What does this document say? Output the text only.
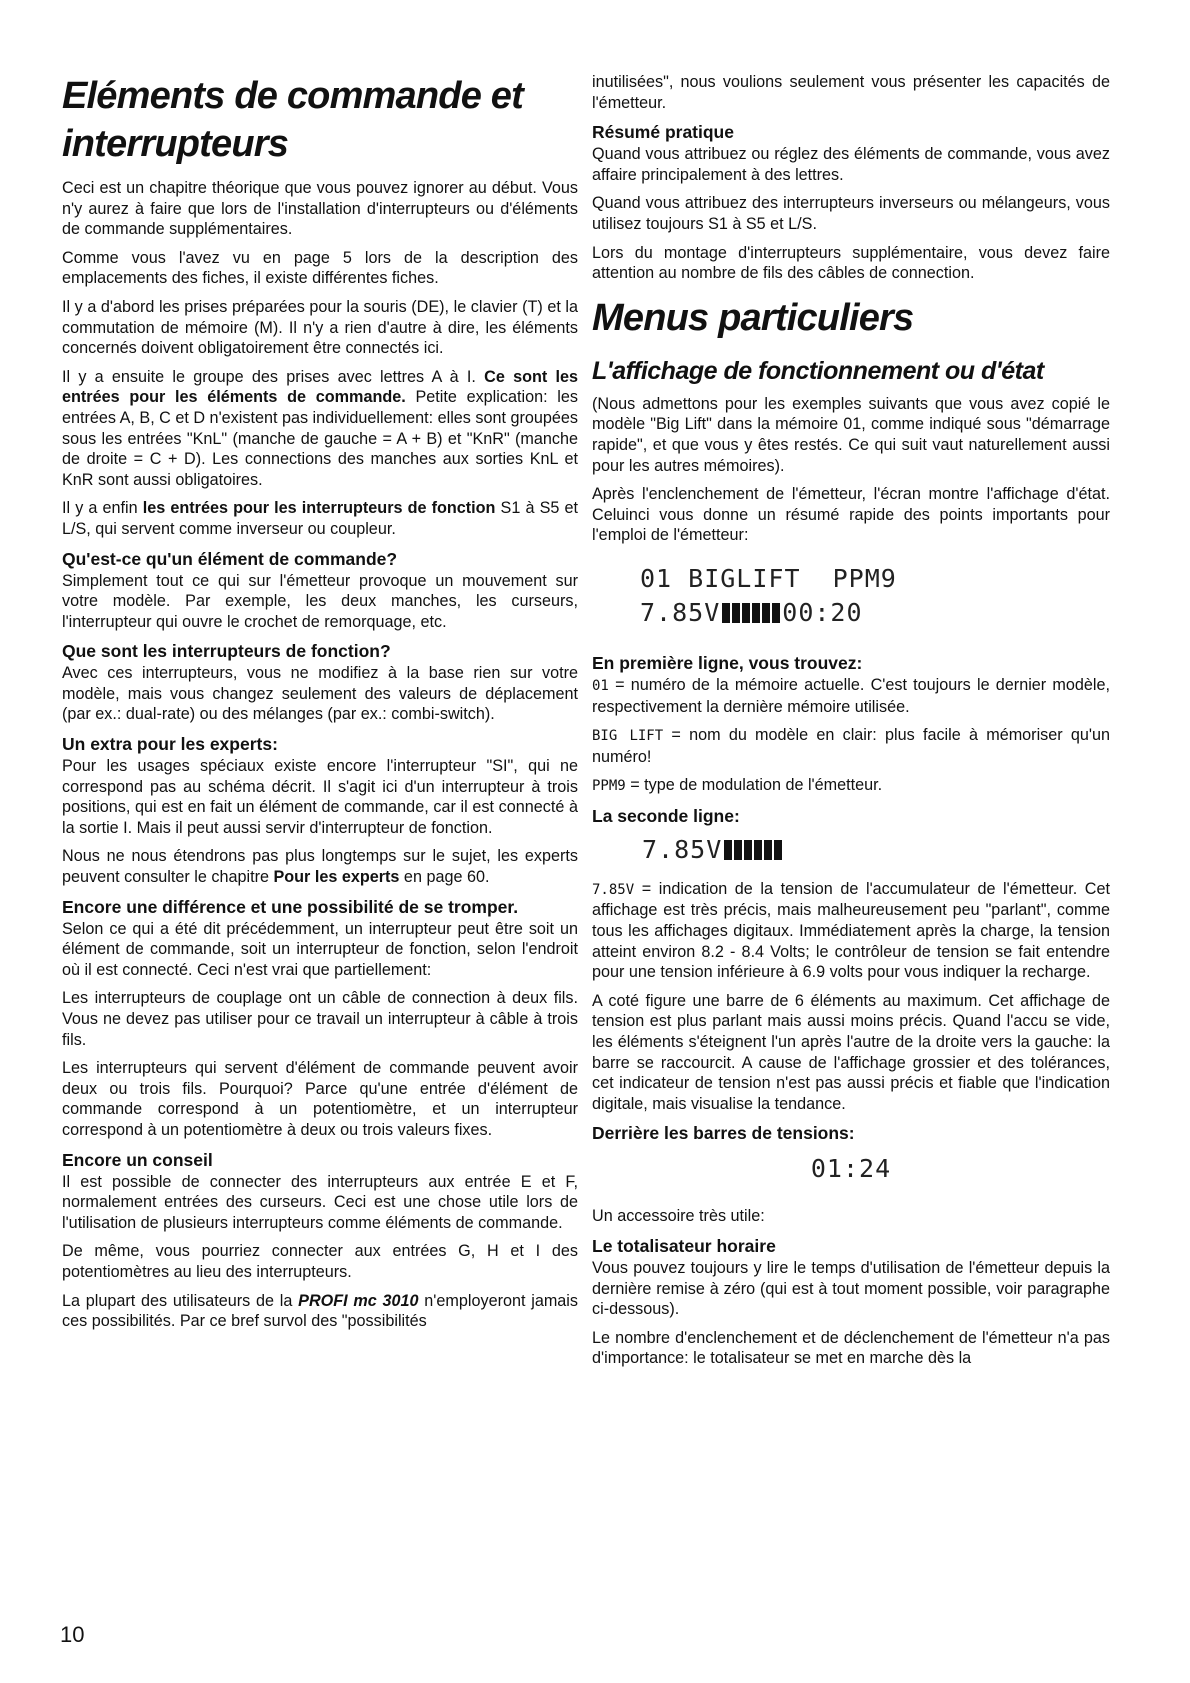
Eléments de commande et interrupteurs

Ceci est un chapitre théorique que vous pouvez ignorer au début. Vous n'y aurez à faire que lors de l'installation d'interrupteurs ou d'éléments de commande supplémentaires.

Comme vous l'avez vu en page 5 lors de la description des emplacements des fiches, il existe différentes fiches.

Il y a d'abord les prises préparées pour la souris (DE), le clavier (T) et la commutation de mémoire (M). Il n'y a rien d'autre à dire, les éléments concernés doivent obligatoirement être connectés ici.

Il y a ensuite le groupe des prises avec lettres A à I. Ce sont les entrées pour les éléments de commande. Petite explication: les entrées A, B, C et D n'existent pas individuellement: elles sont groupées sous les entrées "KnL" (manche de gauche = A + B) et "KnR" (manche de droite = C + D). Les connections des manches aux sorties KnL et KnR sont aussi obligatoires.

Il y a enfin les entrées pour les interrupteurs de fonction S1 à S5 et L/S, qui servent comme inverseur ou coupleur.

Qu'est-ce qu'un élément de commande?

Simplement tout ce qui sur l'émetteur provoque un mouvement sur votre modèle. Par exemple, les deux manches, les curseurs, l'interrupteur qui ouvre le crochet de remorquage, etc.

Que sont les interrupteurs de fonction?

Avec ces interrupteurs, vous ne modifiez à la base rien sur votre modèle, mais vous changez seulement des valeurs de déplacement (par ex.: dual-rate) ou des mélanges (par ex.: combi-switch).

Un extra pour les experts:

Pour les usages spéciaux existe encore l'interrupteur "SI", qui ne correspond pas au schéma décrit. Il s'agit ici d'un interrupteur à trois positions, qui est en fait un élément de commande, car il est connecté à la sortie I. Mais il peut aussi servir d'interrupteur de fonction.

Nous ne nous étendrons pas plus longtemps sur le sujet, les experts peuvent consulter le chapitre Pour les experts en page 60.

Encore une différence et une possibilité de se tromper.

Selon ce qui a été dit précédemment, un interrupteur peut être soit un élément de commande, soit un interrupteur de fonction, selon l'endroit où il est connecté. Ceci n'est vrai que partiellement:

Les interrupteurs de couplage ont un câble de connection à deux fils. Vous ne devez pas utiliser pour ce travail un interrupteur à câble à trois fils.

Les interrupteurs qui servent d'élément de commande peuvent avoir deux ou trois fils. Pourquoi? Parce qu'une entrée d'élément de commande correspond à un potentiomètre, et un interrupteur correspond à un potentiomètre à deux ou trois valeurs fixes.

Encore un conseil

Il est possible de connecter des interrupteurs aux entrée E et F, normalement entrées des curseurs. Ceci est une chose utile lors de l'utilisation de plusieurs interrupteurs comme éléments de commande.

De même, vous pourriez connecter aux entrées G, H et I des potentiomètres au lieu des interrupteurs.

La plupart des utilisateurs de la PROFI mc 3010 n'employeront jamais ces possibilités. Par ce bref survol des "possibilités

inutilisées", nous voulions seulement vous présenter les capacités de l'émetteur.

Résumé pratique

Quand vous attribuez ou réglez des éléments de commande, vous avez affaire principalement à des lettres.

Quand vous attribuez des interrupteurs inverseurs ou mélangeurs, vous utilisez toujours S1 à S5 et L/S.

Lors du montage d'interrupteurs supplémentaire, vous devez faire attention au nombre de fils des câbles de connection.

Menus particuliers
L'affichage de fonctionnement ou d'état

(Nous admettons pour les exemples suivants que vous avez copié le modèle "Big Lift" dans la mémoire 01, comme indiqué sous "démarrage rapide", et que vous y êtes restés. Ce qui suit vaut naturellement aussi pour les autres mémoires).

Après l'enclenchement de l'émetteur, l'écran montre l'affichage d'état. Celuinci vous donne un résumé rapide des points importants pour l'emploi de l'émetteur:

01 BIGLIFT  PPM9
7.85V 00:20
En première ligne, vous trouvez:

01 = numéro de la mémoire actuelle. C'est toujours le dernier modèle, respectivement la dernière mémoire utilisée.

BIG LIFT = nom du modèle en clair: plus facile à mémoriser qu'un numéro!

PPM9 = type de modulation de l'émetteur.

La seconde ligne:
7.85V

7.85V = indication de la tension de l'accumulateur de l'émetteur. Cet affichage est très précis, mais malheureusement peu "parlant", comme tous les affichages digitaux. Immédiatement après la charge, la tension atteint environ 8.2 - 8.4 Volts; le contrôleur de tension se fait entendre pour une tension inférieure à 6.9 volts pour vous indiquer la recharge.

A coté figure une barre de 6 éléments au maximum. Cet affichage de tension est plus parlant mais aussi moins précis. Quand l'accu se vide, les éléments s'éteignent l'un après l'autre de la droite vers la gauche: la barre se raccourcit. A cause de l'affichage grossier et des tolérances, cet indicateur de tension n'est pas aussi précis et fiable que l'indication digitale, mais visualise la tendance.

Derrière les barres de tensions:
01:24

Un accessoire très utile:

Le totalisateur horaire

Vous pouvez toujours y lire le temps d'utilisation de l'émetteur depuis la dernière remise à zéro (qui est à tout moment possible, voir paragraphe ci-dessous).

Le nombre d'enclenchement et de déclenchement de l'émetteur n'a pas d'importance: le totalisateur se met en marche dès la

10
